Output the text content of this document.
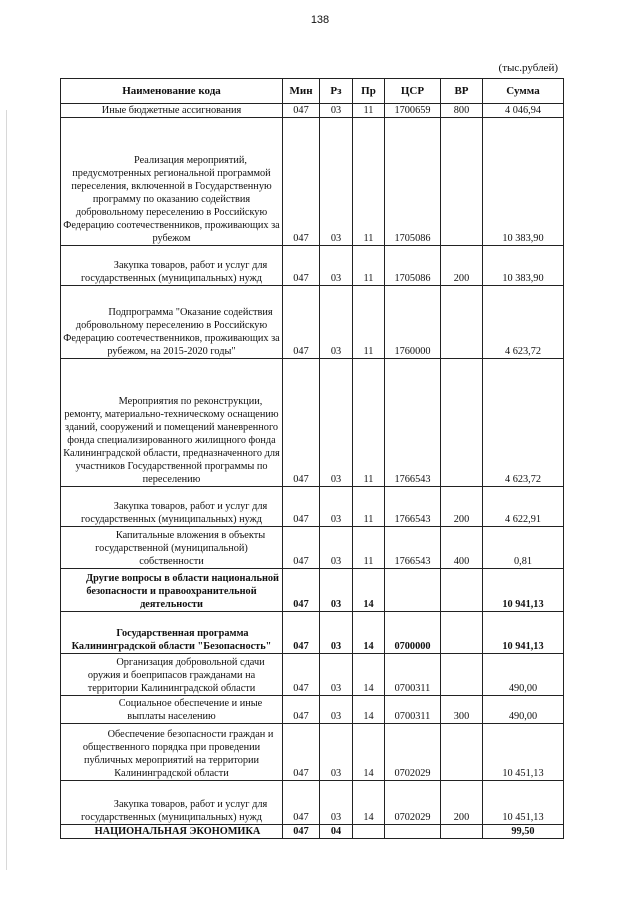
138
(тыс.рублей)
Наименование кода	Мин	Рз	Пр	ЦСР	ВР	Сумма
Иные бюджетные ассигнования	047	03	11	1700659	800	4 046,94
Реализация мероприятий, предусмотренных региональной программой переселения, включенной в Государственную программу по оказанию содействия добровольному переселению в Российскую Федерацию соотечественников, проживающих за рубежом	047	03	11	1705086		10 383,90
Закупка товаров, работ и услуг для государственных (муниципальных) нужд	047	03	11	1705086	200	10 383,90
Подпрограмма "Оказание содействия добровольному переселению в Российскую Федерацию соотечественников, проживающих за рубежом, на 2015-2020 годы"	047	03	11	1760000		4 623,72
Мероприятия по реконструкции, ремонту, материально-техническому оснащению зданий, сооружений и помещений маневренного фонда специализированного жилищного фонда Калининградской области, предназначенного для участников Государственной программы по переселению	047	03	11	1766543		4 623,72
Закупка товаров, работ и услуг для государственных (муниципальных) нужд	047	03	11	1766543	200	4 622,91
Капитальные вложения в объекты государственной (муниципальной) собственности	047	03	11	1766543	400	0,81
Другие вопросы в области национальной безопасности и правоохранительной деятельности	047	03	14			10 941,13
Государственная программа Калининградской области "Безопасность"	047	03	14	0700000		10 941,13
Организация добровольной сдачи оружия и боеприпасов гражданами на территории Калининградской области	047	03	14	0700311		490,00
Социальное обеспечение и иные выплаты населению	047	03	14	0700311	300	490,00
Обеспечение безопасности граждан и общественного порядка при проведении публичных мероприятий на территории Калининградской области	047	03	14	0702029		10 451,13
Закупка товаров, работ и услуг для государственных (муниципальных) нужд	047	03	14	0702029	200	10 451,13
НАЦИОНАЛЬНАЯ ЭКОНОМИКА	047	04				99,50
